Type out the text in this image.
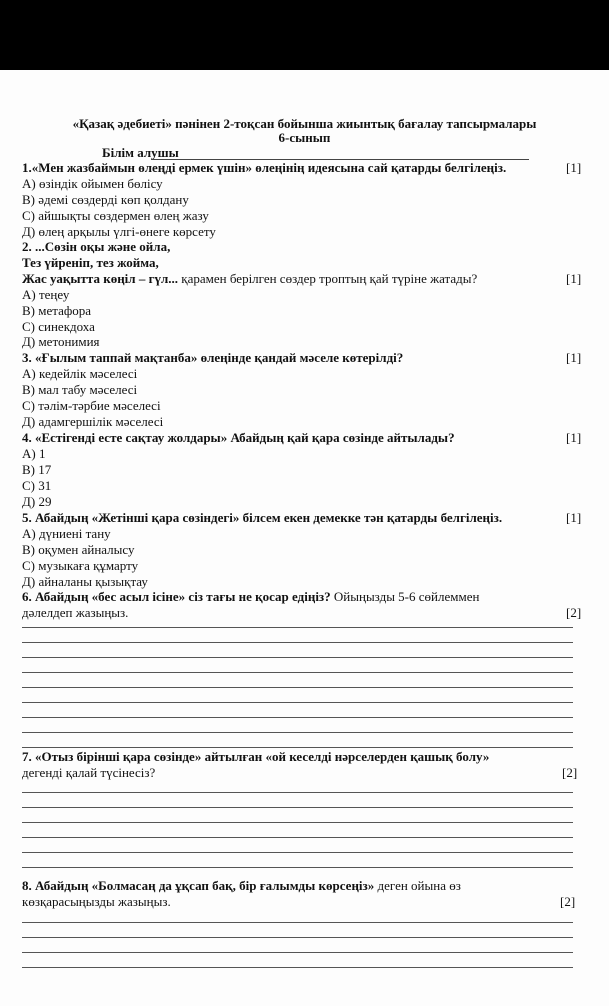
«Қазақ әдебиеті» пәнінен 2-тоқсан бойынша жиынтық бағалау тапсырмалары
6-сынып
Білім алушы
1.«Мен жазбаймын өлеңді ермек үшін» өлеңінің идеясына сай қатарды белгілеңіз.	[1]
А) өзіндік ойымен бөлісу
В) әдемі сөздерді көп қолдану
С) айшықты сөздермен өлең жазу
Д) өлең арқылы үлгі-өнеге көрсету
2. ...Сөзін оқы және ойла,
Тез үйреніп, тез жойма,
Жас уақытта көңіл – гүл... қарамен берілген сөздер троптың қай түріне жатады?	[1]
А) теңеу
В) метафора
С) синекдоха
Д) метонимия
3. «Ғылым таппай мақтанба» өлеңінде қандай мәселе көтерілді?	[1]
А) кедейлік мәселесі
В) мал табу мәселесі
С) тәлім-тәрбие мәселесі
Д) адамгершілік мәселесі
4. «Естігенді есте сақтау жолдары» Абайдың қай қара сөзінде айтылады?	[1]
А) 1
В) 17
С) 31
Д) 29
5. Абайдың «Жетінші қара сөзіндегі» білсем екен демекке тән қатарды белгілеңіз.	[1]
А) дүниені тану
В) оқумен айналысу
С) музыкаға құмарту
Д) айналаны қызықтау
6. Абайдың «бес асыл ісіне» сіз тағы не қосар едіңіз? Ойыңызды 5-6 сөйлеммен
дәлелдеп жазыңыз.	[2]
7. «Отыз бірінші қара сөзінде» айтылған «ой кеселді нәрселерден қашық болу»
дегенді қалай түсінесіз?	[2]
8. Абайдың «Болмасаң да ұқсап бақ, бір ғалымды көрсеңіз» деген ойына өз
көзқарасыңызды жазыңыз.	[2]
